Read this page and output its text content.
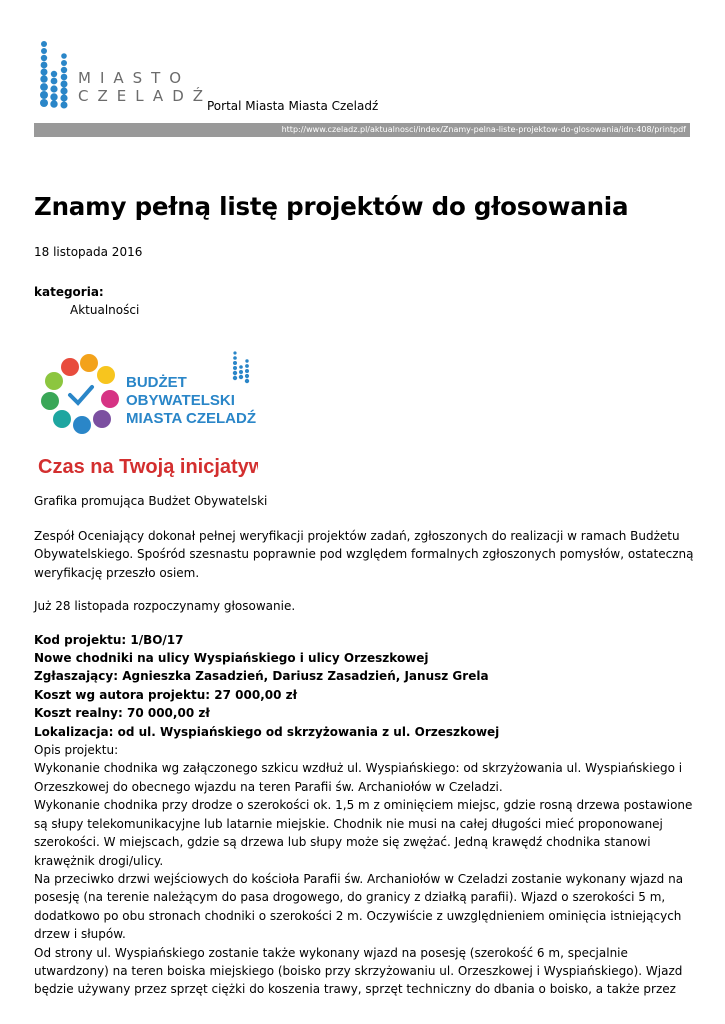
MIASTO
CZELADŹ
Portal Miasta Miasta Czeladź
http://www.czeladz.pl/aktualnosci/index/Znamy-pelna-liste-projektow-do-glosowania/idn:408/printpdf
Znamy pełną listę projektów do głosowania
18 listopada 2016
kategoria:
Aktualności
BUDŻET
OBYWATELSKI
MIASTA CZELADŹ
Czas na Twoją inicjatywę
Grafika promująca Budżet Obywatelski

Zespół Oceniający dokonał pełnej weryfikacji projektów zadań, zgłoszonych do realizacji w ramach Budżetu Obywatelskiego. Spośród szesnastu poprawnie pod względem formalnych zgłoszonych pomysłów, ostateczną weryfikację przeszło osiem.

Już 28 listopada rozpoczynamy głosowanie.

Kod projektu: 1/BO/17
Nowe chodniki na ulicy Wyspiańskiego i ulicy Orzeszkowej
Zgłaszający: Agnieszka Zasadzień, Dariusz Zasadzień, Janusz Grela
Koszt wg autora projektu: 27 000,00 zł
Koszt realny: 70 000,00 zł
Lokalizacja: od ul. Wyspiańskiego od skrzyżowania z ul. Orzeszkowej
Opis projektu:
Wykonanie chodnika wg załączonego szkicu wzdłuż ul. Wyspiańskiego: od skrzyżowania ul. Wyspiańskiego i Orzeszkowej do obecnego wjazdu na teren Parafii św. Archaniołów w Czeladzi.
Wykonanie chodnika przy drodze o szerokości ok. 1,5 m z ominięciem miejsc, gdzie rosną drzewa postawione są słupy telekomunikacyjne lub latarnie miejskie. Chodnik nie musi na całej długości mieć proponowanej szerokości. W miejscach, gdzie są drzewa lub słupy może się zwężać. Jedną krawędź chodnika stanowi krawężnik drogi/ulicy.
Na przeciwko drzwi wejściowych do kościoła Parafii św. Archaniołów w Czeladzi zostanie wykonany wjazd na posesję (na terenie należącym do pasa drogowego, do granicy z działką parafii). Wjazd o szerokości 5 m, dodatkowo po obu stronach chodniki o szerokości 2 m. Oczywiście z uwzględnieniem ominięcia istniejących drzew i słupów.
Od strony ul. Wyspiańskiego zostanie także wykonany wjazd na posesję (szerokość 6 m, specjalnie utwardzony) na teren boiska miejskiego (boisko przy skrzyżowaniu ul. Orzeszkowej i Wyspiańskiego). Wjazd będzie używany przez sprzęt ciężki do koszenia trawy, sprzęt techniczny do dbania o boisko, a także przez
